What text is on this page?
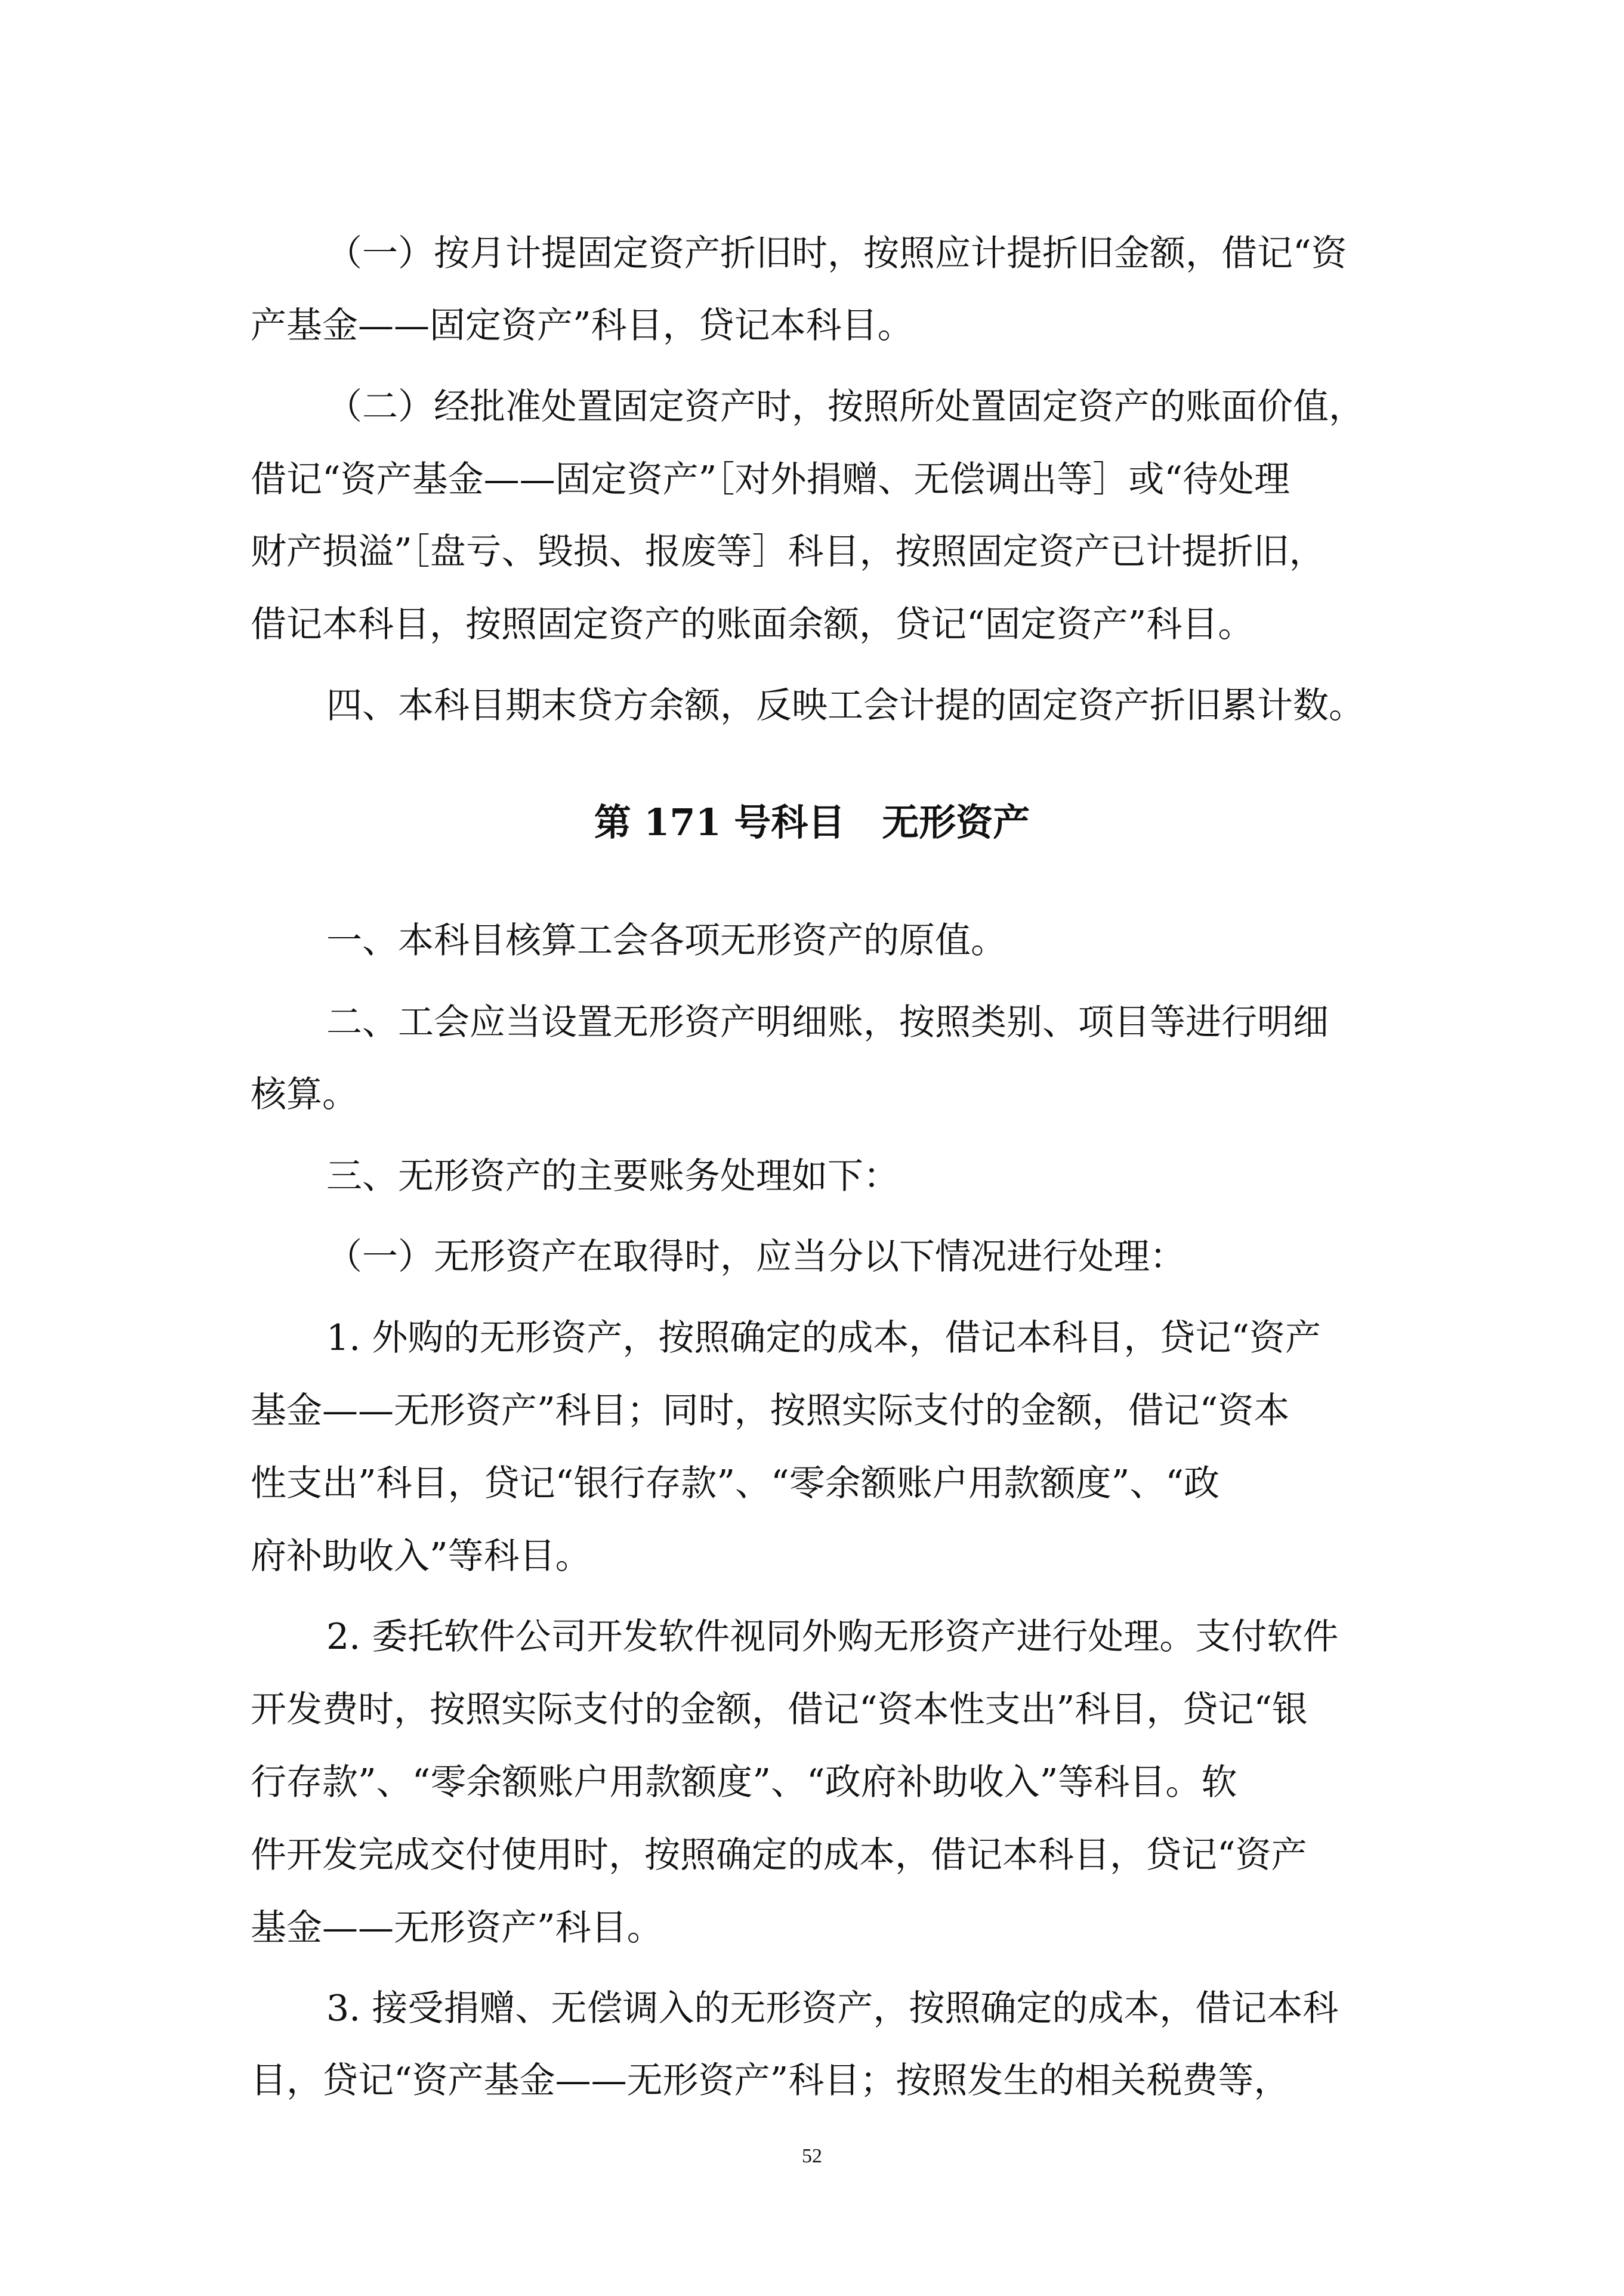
（一）按月计提固定资产折旧时，按照应计提折旧金额，借记“资

产基金——固定资产”科目，贷记本科目。

（二）经批准处置固定资产时，按照所处置固定资产的账面价值，

借记“资产基金——固定资产”［对外捐赠、无偿调出等］或“待处理

财产损溢”［盘亏、毁损、报废等］科目，按照固定资产已计提折旧，

借记本科目，按照固定资产的账面余额，贷记“固定资产”科目。

四、本科目期末贷方余额，反映工会计提的固定资产折旧累计数。

第 171 号科目　无形资产

一、本科目核算工会各项无形资产的原值。

二、工会应当设置无形资产明细账，按照类别、项目等进行明细

核算。

三、无形资产的主要账务处理如下：

（一）无形资产在取得时，应当分以下情况进行处理：

1. 外购的无形资产，按照确定的成本，借记本科目，贷记“资产

基金——无形资产”科目；同时，按照实际支付的金额，借记“资本

性支出”科目，贷记“银行存款”、“零余额账户用款额度”、“政

府补助收入”等科目。

2. 委托软件公司开发软件视同外购无形资产进行处理。支付软件

开发费时，按照实际支付的金额，借记“资本性支出”科目，贷记“银

行存款”、“零余额账户用款额度”、“政府补助收入”等科目。软

件开发完成交付使用时，按照确定的成本，借记本科目，贷记“资产

基金——无形资产”科目。

3. 接受捐赠、无偿调入的无形资产，按照确定的成本，借记本科

目，贷记“资产基金——无形资产”科目；按照发生的相关税费等，

52
